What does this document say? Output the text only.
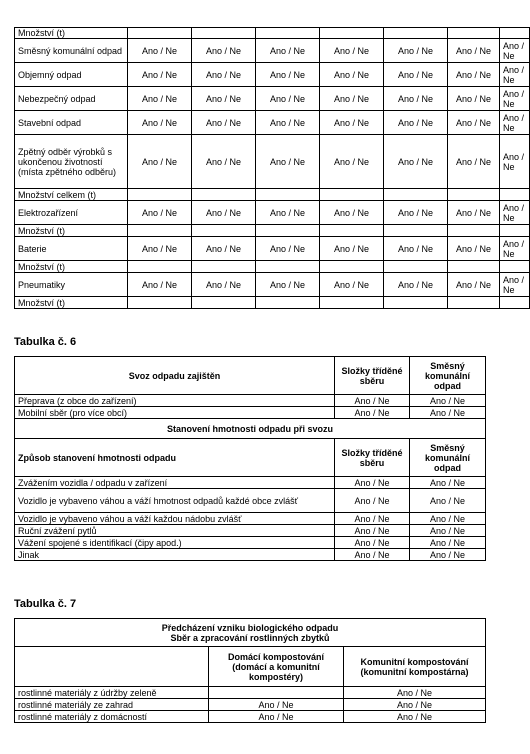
Množství (t)							
Směsný komunální odpad	Ano / Ne	Ano / Ne	Ano / Ne	Ano / Ne	Ano / Ne	Ano / Ne	Ano / Ne
Objemný odpad	Ano / Ne	Ano / Ne	Ano / Ne	Ano / Ne	Ano / Ne	Ano / Ne	Ano / Ne
Nebezpečný odpad	Ano / Ne	Ano / Ne	Ano / Ne	Ano / Ne	Ano / Ne	Ano / Ne	Ano / Ne
Stavební odpad	Ano / Ne	Ano / Ne	Ano / Ne	Ano / Ne	Ano / Ne	Ano / Ne	Ano / Ne
Zpětný odběr výrobků s ukončenou životností (místa zpětného odběru)	Ano / Ne	Ano / Ne	Ano / Ne	Ano / Ne	Ano / Ne	Ano / Ne	Ano / Ne
Množství celkem (t)							
Elektrozařízení	Ano / Ne	Ano / Ne	Ano / Ne	Ano / Ne	Ano / Ne	Ano / Ne	Ano / Ne
Množství (t)							
Baterie	Ano / Ne	Ano / Ne	Ano / Ne	Ano / Ne	Ano / Ne	Ano / Ne	Ano / Ne
Množství (t)							
Pneumatiky	Ano / Ne	Ano / Ne	Ano / Ne	Ano / Ne	Ano / Ne	Ano / Ne	Ano / Ne
Množství (t)							
Tabulka č. 6
Svoz odpadu zajištěn	Složky tříděné sběru	Směsný komunální odpad
Přeprava (z obce do zařízení)	Ano / Ne	Ano / Ne
Mobilní sběr (pro více obcí)	Ano / Ne	Ano / Ne
Stanovení hmotnosti odpadu při svozu		
Způsob stanovení hmotnosti odpadu	Složky tříděné sběru	Směsný komunální odpad
Zvážením vozidla / odpadu v zařízení	Ano / Ne	Ano / Ne
Vozidlo je vybaveno váhou a váží hmotnost odpadů každé obce zvlášť	Ano / Ne	Ano / Ne
Vozidlo je vybaveno váhou a váží každou nádobu zvlášť	Ano / Ne	Ano / Ne
Ruční zvážení pytlů	Ano / Ne	Ano / Ne
Vážení spojené s identifikací (čipy apod.)	Ano / Ne	Ano / Ne
Jinak	Ano / Ne	Ano / Ne
Tabulka č. 7
Předcházení vzniku biologického odpadu
Sběr a zpracování rostlinných zbytků		
	Domácí kompostování (domácí a komunitní kompostéry)	Komunitní kompostování (komunitní kompostárna)
rostlinné materiály z údržby zeleně		Ano / Ne
rostlinné materiály ze zahrad	Ano / Ne	Ano / Ne
rostlinné materiály z domácností	Ano / Ne	Ano / Ne
